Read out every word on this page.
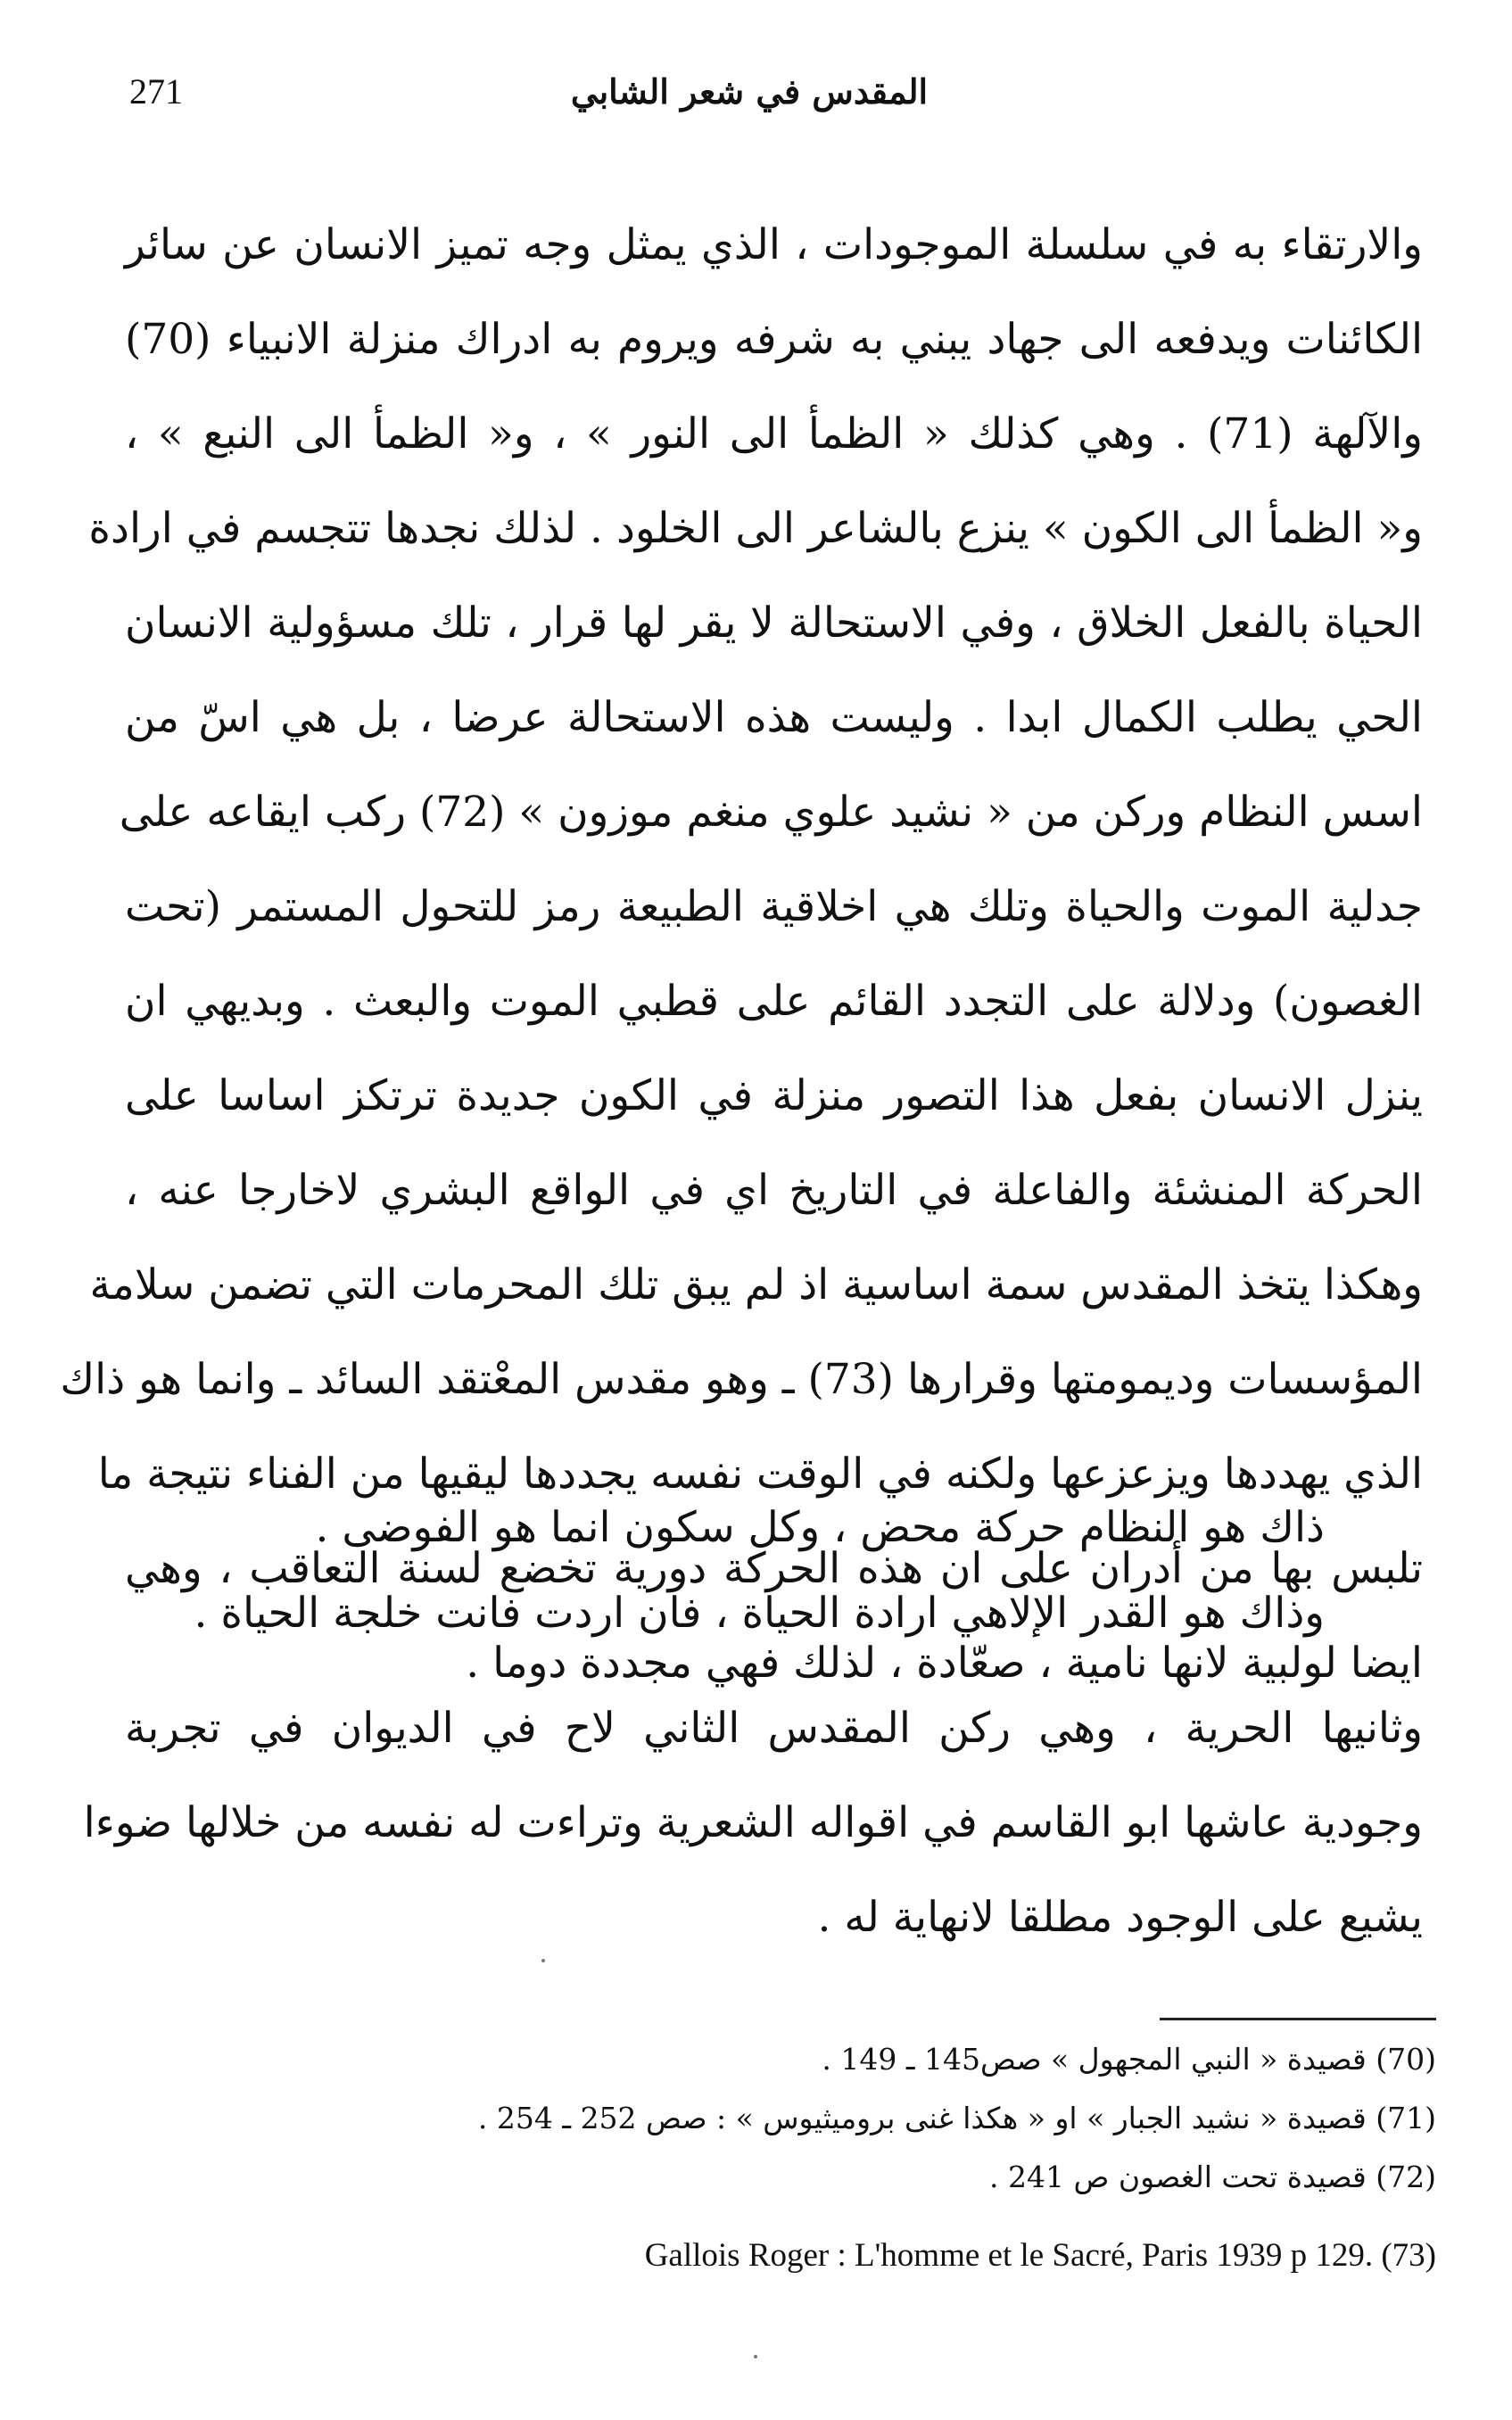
271	المقدس في شعر الشابي
والارتقاء به في سلسلة الموجودات ، الذي يمثل وجه تميز الانسان عن سائر
الكائنات ويدفعه الى جهاد يبني به شرفه ويروم به ادراك منزلة الانبياء (70)
والآلهة (71) . وهي كذلك « الظمأ الى النور » ، و« الظمأ الى النبع » ،
و« الظمأ الى الكون » ينزع بالشاعر الى الخلود . لذلك نجدها تتجسم في ارادة
الحياة بالفعل الخلاق ، وفي الاستحالة لا يقر لها قرار ، تلك مسؤولية الانسان
الحي يطلب الكمال ابدا . وليست هذه الاستحالة عرضا ، بل هي اسّ من
اسس النظام وركن من « نشيد علوي منغم موزون » (72) ركب ايقاعه على
جدلية الموت والحياة وتلك هي اخلاقية الطبيعة رمز للتحول المستمر (تحت
الغصون) ودلالة على التجدد القائم على قطبي الموت والبعث . وبديهي ان
ينزل الانسان بفعل هذا التصور منزلة في الكون جديدة ترتكز اساسا على
الحركة المنشئة والفاعلة في التاريخ اي في الواقع البشري لاخارجا عنه ،
وهكذا يتخذ المقدس سمة اساسية اذ لم يبق تلك المحرمات التي تضمن سلامة
المؤسسات وديمومتها وقرارها (73) ـ وهو مقدس المعْتقد السائد ـ وانما هو ذاك
الذي يهددها ويزعزعها ولكنه في الوقت نفسه يجددها ليقيها من الفناء نتيجة ما
تلبس بها من أدران على ان هذه الحركة دورية تخضع لسنة التعاقب ، وهي
ايضا لولبية لانها نامية ، صعّادة ، لذلك فهي مجددة دوما .
ذاك هو النظام حركة محض ، وكل سكون انما هو الفوضى .
وذاك هو القدر الإلاهي ارادة الحياة ، فان اردت فانت خلجة الحياة .
وثانيها الحرية ، وهي ركن المقدس الثاني لاح في الديوان في تجربة
وجودية عاشها ابو القاسم في اقواله الشعرية وتراءت له نفسه من خلالها ضوءا
يشيع على الوجود مطلقا لانهاية له .
(70) قصيدة « النبي المجهول » صص145 ـ 149 .
(71) قصيدة « نشيد الجبار » او « هكذا غنى بروميثيوس » : صص 252 ـ 254 .
(72) قصيدة تحت الغصون ص 241 .
Gallois Roger : L'homme et le Sacré, Paris 1939 p 129. (73)
